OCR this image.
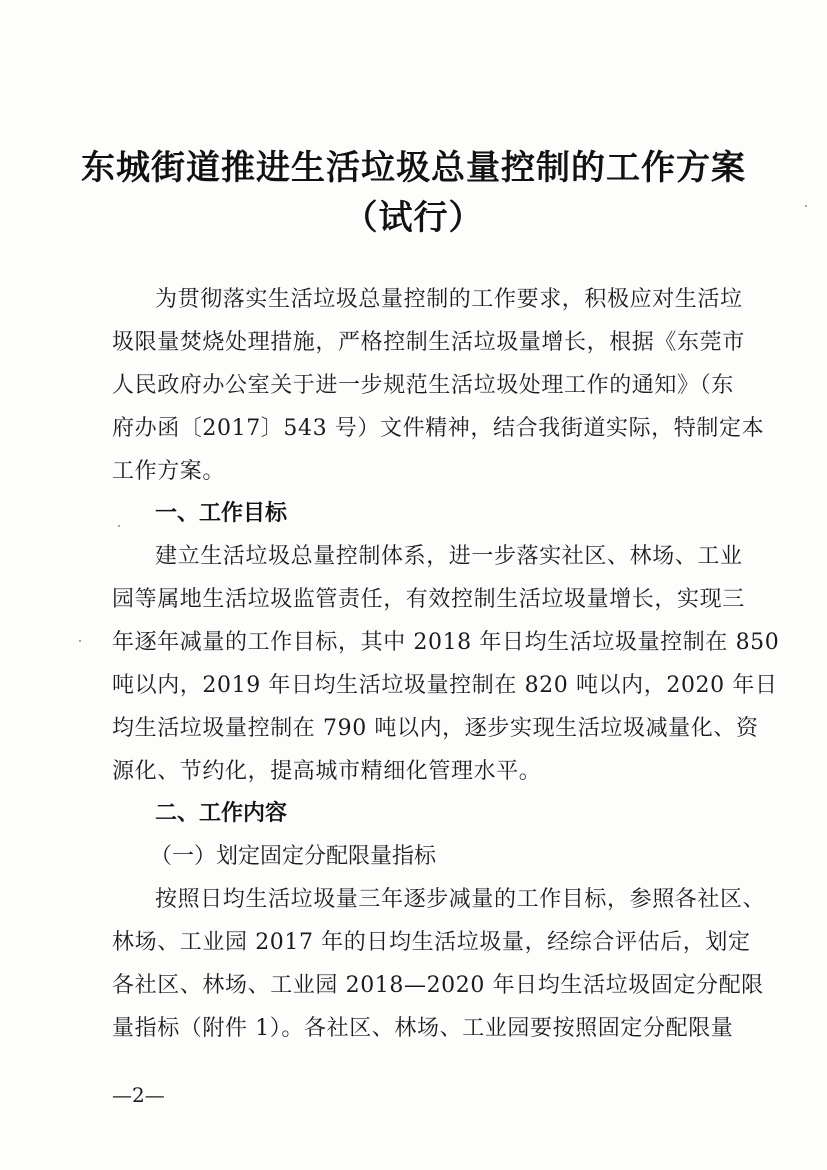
东城街道推进生活垃圾总量控制的工作方案
（试行）
为贯彻落实生活垃圾总量控制的工作要求，积极应对生活垃
圾限量焚烧处理措施，严格控制生活垃圾量增长，根据《东莞市
人民政府办公室关于进一步规范生活垃圾处理工作的通知》（东
府办函〔2017〕543 号）文件精神，结合我街道实际，特制定本
工作方案。
一、工作目标
建立生活垃圾总量控制体系，进一步落实社区、林场、工业
园等属地生活垃圾监管责任，有效控制生活垃圾量增长，实现三
年逐年减量的工作目标，其中 2018 年日均生活垃圾量控制在 850
吨以内，2019 年日均生活垃圾量控制在 820 吨以内，2020 年日
均生活垃圾量控制在 790 吨以内，逐步实现生活垃圾减量化、资
源化、节约化，提高城市精细化管理水平。
二、工作内容
（一）划定固定分配限量指标
按照日均生活垃圾量三年逐步减量的工作目标，参照各社区、
林场、工业园 2017 年的日均生活垃圾量，经综合评估后，划定
各社区、林场、工业园 2018—2020 年日均生活垃圾固定分配限
量指标（附件 1）。各社区、林场、工业园要按照固定分配限量
—2—
